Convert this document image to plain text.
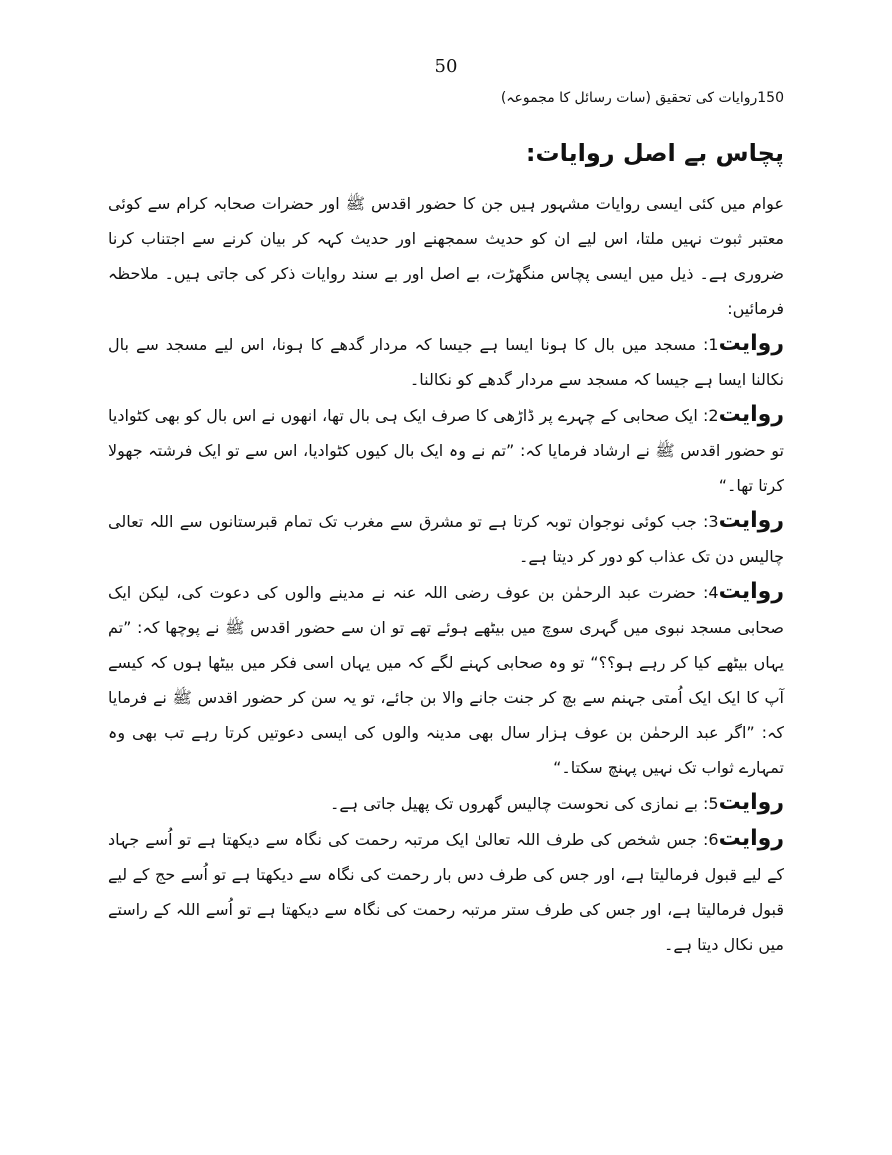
50
150روایات کی تحقیق (سات رسائل کا مجموعہ)
پچاس بے اصل روایات:

عوام میں کئی ایسی روایات مشہور ہیں جن کا حضور اقدس ﷺ اور حضرات صحابہ کرام سے کوئی معتبر ثبوت نہیں ملتا، اس لیے ان کو حدیث سمجھنے اور حدیث کہہ کر بیان کرنے سے اجتناب کرنا ضروری ہے۔ ذیل میں ایسی پچاس منگھڑت، بے اصل اور بے سند روایات ذکر کی جاتی ہیں۔ ملاحظہ فرمائیں:

روایت1: مسجد میں بال کا ہونا ایسا ہے جیسا کہ مردار گدھے کا ہونا، اس لیے مسجد سے بال نکالنا ایسا ہے جیسا کہ مسجد سے مردار گدھے کو نکالنا۔

روایت2: ایک صحابی کے چہرے پر ڈاڑھی کا صرف ایک ہی بال تھا، انھوں نے اس بال کو بھی کٹوادیا تو حضور اقدس ﷺ نے ارشاد فرمایا کہ: ”تم نے وہ ایک بال کیوں کٹوادیا، اس سے تو ایک فرشتہ جھولا کرتا تھا۔“

روایت3: جب کوئی نوجوان توبہ کرتا ہے تو مشرق سے مغرب تک تمام قبرستانوں سے اللہ تعالی چالیس دن تک عذاب کو دور کر دیتا ہے۔

روایت4: حضرت عبد الرحمٰن بن عوف رضی اللہ عنہ نے مدینے والوں کی دعوت کی، لیکن ایک صحابی مسجد نبوی میں گہری سوچ میں بیٹھے ہوئے تھے تو ان سے حضور اقدس ﷺ نے پوچھا کہ: ”تم یہاں بیٹھے کیا کر رہے ہو؟؟“ تو وہ صحابی کہنے لگے کہ میں یہاں اسی فکر میں بیٹھا ہوں کہ کیسے آپ کا ایک ایک اُمتی جہنم سے بچ کر جنت جانے والا بن جائے، تو یہ سن کر حضور اقدس ﷺ نے فرمایا کہ: ”اگر عبد الرحمٰن بن عوف ہزار سال بھی مدینہ والوں کی ایسی دعوتیں کرتا رہے تب بھی وہ تمہارے ثواب تک نہیں پہنچ سکتا۔“

روایت5: بے نمازی کی نحوست چالیس گھروں تک پھیل جاتی ہے۔

روایت6: جس شخص کی طرف اللہ تعالیٰ ایک مرتبہ رحمت کی نگاہ سے دیکھتا ہے تو اُسے جہاد کے لیے قبول فرمالیتا ہے، اور جس کی طرف دس بار رحمت کی نگاہ سے دیکھتا ہے تو اُسے حج کے لیے قبول فرمالیتا ہے، اور جس کی طرف ستر مرتبہ رحمت کی نگاہ سے دیکھتا ہے تو اُسے اللہ کے راستے میں نکال دیتا ہے۔
